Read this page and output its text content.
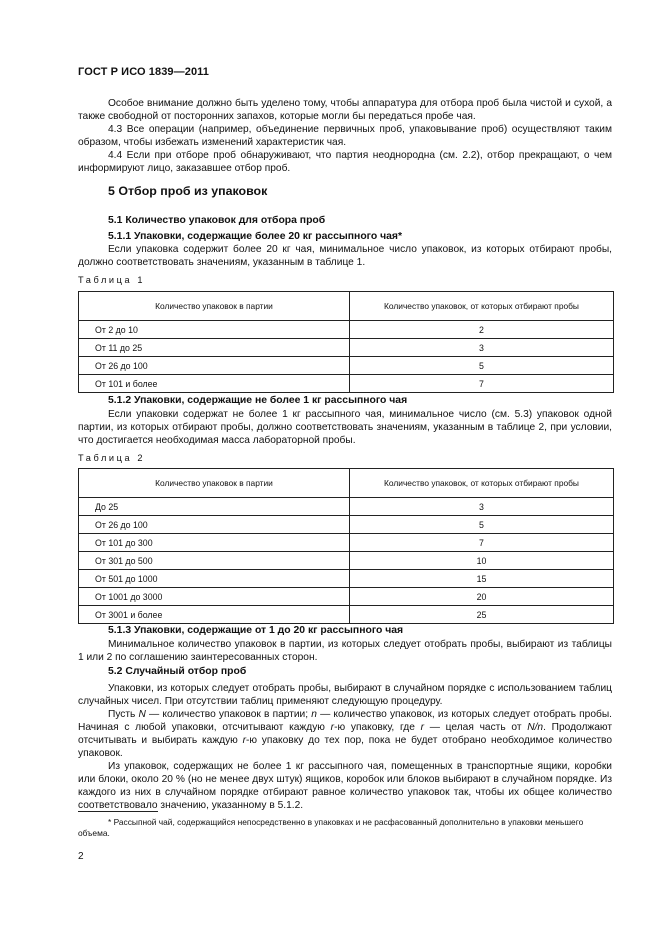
ГОСТ Р ИСО 1839—2011

Особое внимание должно быть уделено тому, чтобы аппаратура для отбора проб была чистой и сухой, а также свободной от посторонних запахов, которые могли бы передаться пробе чая.

4.3 Все операции (например, объединение первичных проб, упаковывание проб) осуществляют таким образом, чтобы избежать изменений характеристик чая.

4.4 Если при отборе проб обнаруживают, что партия неоднородна (см. 2.2), отбор прекращают, о чем информируют лицо, заказавшее отбор проб.

5 Отбор проб из упаковок
5.1 Количество упаковок для отбора проб
5.1.1 Упаковки, содержащие более 20 кг рассыпного чая*

Если упаковка содержит более 20 кг чая, минимальное число упаковок, из которых отбирают пробы, должно соответствовать значениям, указанным в таблице 1.

Таблица 1
Количество упаковок в партии	Количество упаковок, от которых отбирают пробы
От 2 до 10	2
От 11 до 25	3
От 26 до 100	5
От 101 и более	7
5.1.2 Упаковки, содержащие не более 1 кг рассыпного чая

Если упаковки содержат не более 1 кг рассыпного чая, минимальное число (см. 5.3) упаковок одной партии, из которых отбирают пробы, должно соответствовать значениям, указанным в таблице 2, при условии, что достигается необходимая масса лабораторной пробы.

Таблица 2
Количество упаковок в партии	Количество упаковок, от которых отбирают пробы
До 25	3
От 26 до 100	5
От 101 до 300	7
От 301 до 500	10
От 501 до 1000	15
От 1001 до 3000	20
От 3001 и более	25
5.1.3 Упаковки, содержащие от 1 до 20 кг рассыпного чая

Минимальное количество упаковок в партии, из которых следует отобрать пробы, выбирают из таблицы 1 или 2 по соглашению заинтересованных сторон.

5.2 Случайный отбор проб

Упаковки, из которых следует отобрать пробы, выбирают в случайном порядке с использованием таблиц случайных чисел. При отсутствии таблиц применяют следующую процедуру.

Пусть N — количество упаковок в партии; n — количество упаковок, из которых следует отобрать пробы. Начиная с любой упаковки, отсчитывают каждую r-ю упаковку, где r — целая часть от N/n. Продолжают отсчитывать и выбирать каждую r-ю упаковку до тех пор, пока не будет отобрано необходимое количество упаковок.

Из упаковок, содержащих не более 1 кг рассыпного чая, помещенных в транспортные ящики, коробки или блоки, около 20 % (но не менее двух штук) ящиков, коробок или блоков выбирают в случайном порядке. Из каждого из них в случайном порядке отбирают равное количество упаковок так, чтобы их общее количество соответствовало значению, указанному в 5.1.2.

* Рассыпной чай, содержащийся непосредственно в упаковках и не расфасованный дополнительно в упаковки меньшего объема.

2
